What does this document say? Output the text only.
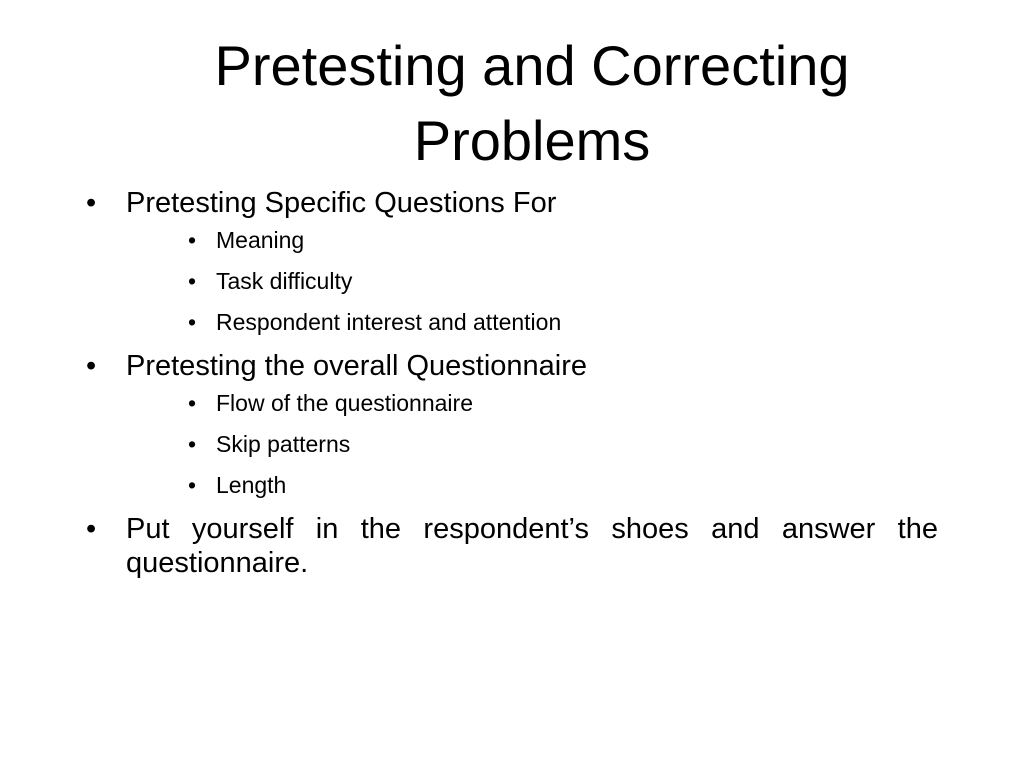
Pretesting and Correcting
Problems

• Pretesting Specific Questions For

• Meaning

• Task difficulty

• Respondent interest and attention

• Pretesting the overall Questionnaire

• Flow of the questionnaire

• Skip patterns

• Length

• Put yourself in the respondent’s shoes and answer the questionnaire.
